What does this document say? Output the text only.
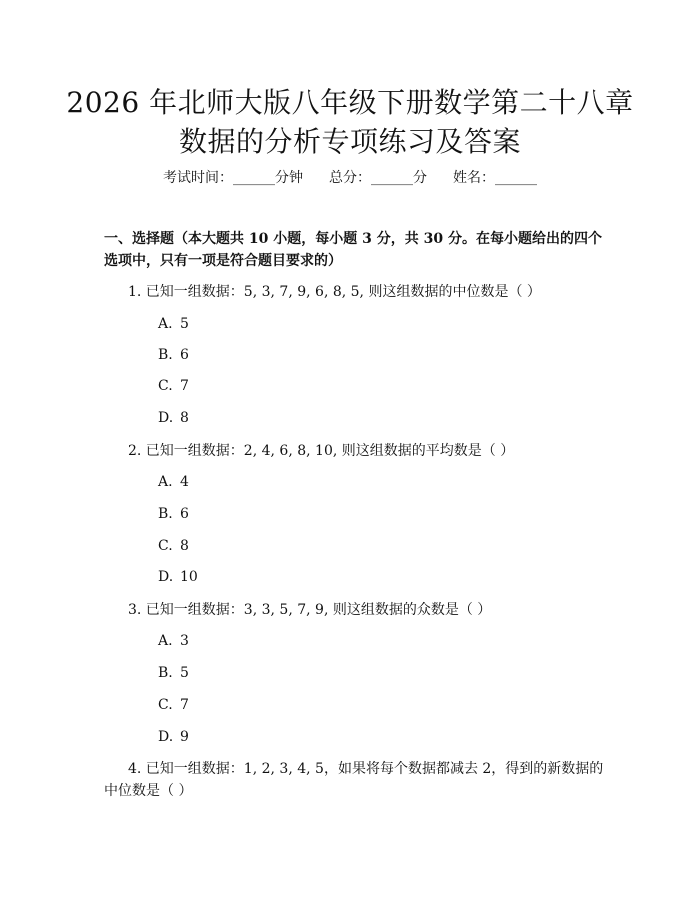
2026 年北师大版八年级下册数学第二十八章
数据的分析专项练习及答案
考试时间：______分钟 总分：______分 姓名：______
一、选择题（本大题共 10 小题，每小题 3 分，共 30 分。在每小题给出的四个选项中，只有一项是符合题目要求的）
1. 已知一组数据：5, 3, 7, 9, 6, 8, 5, 则这组数据的中位数是（ ）
A. 5
B. 6
C. 7
D. 8
2. 已知一组数据：2, 4, 6, 8, 10, 则这组数据的平均数是（ ）
A. 4
B. 6
C. 8
D. 10
3. 已知一组数据：3, 3, 5, 7, 9, 则这组数据的众数是（ ）
A. 3
B. 5
C. 7
D. 9
4. 已知一组数据：1, 2, 3, 4, 5，如果将每个数据都减去 2，得到的新数据的中位数是（ ）
